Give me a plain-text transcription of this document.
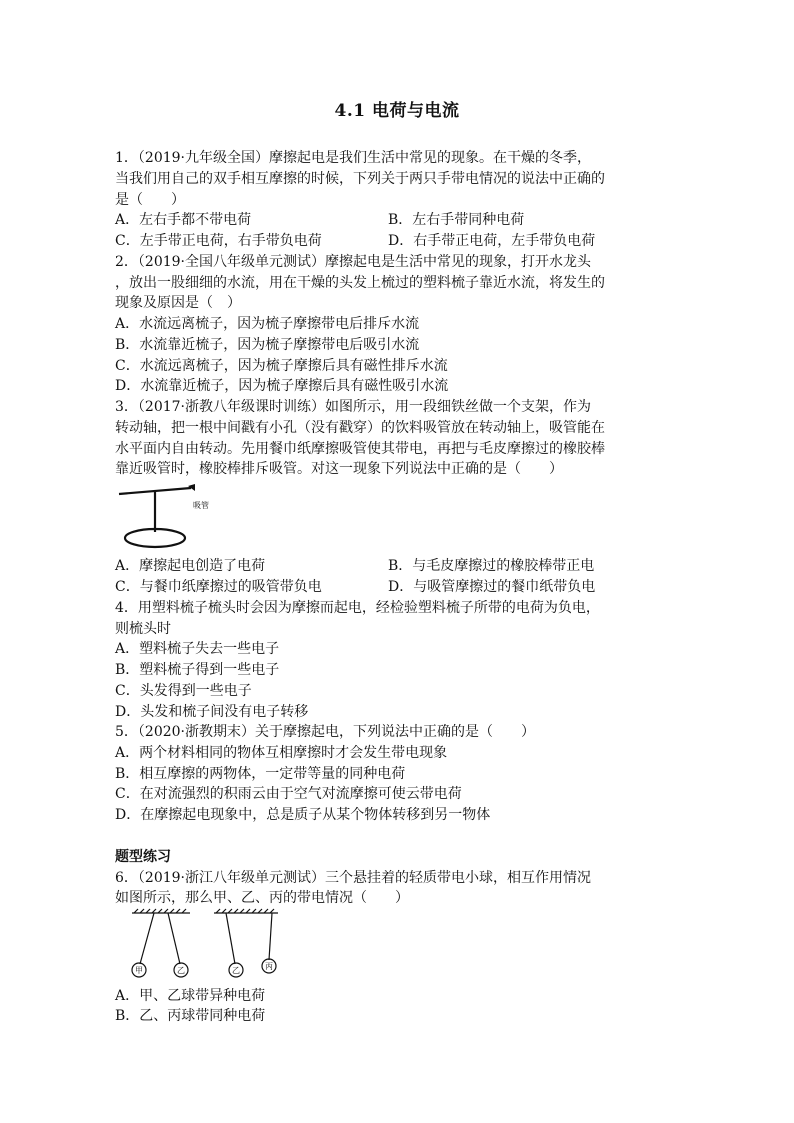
4.1 电荷与电流
1．（2019·九年级全国）摩擦起电是我们生活中常见的现象。在干燥的冬季，
当我们用自己的双手相互摩擦的时候，下列关于两只手带电情况的说法中正确的
是（　　）
A．左右手都不带电荷	B．左右手带同种电荷
C．左手带正电荷，右手带负电荷	D．右手带正电荷，左手带负电荷
2．（2019·全国八年级单元测试）摩擦起电是生活中常见的现象，打开水龙头
，放出一股细细的水流，用在干燥的头发上梳过的塑料梳子靠近水流，将发生的
现象及原因是（　）
A．水流远离梳子，因为梳子摩擦带电后排斥水流
B．水流靠近梳子，因为梳子摩擦带电后吸引水流
C．水流远离梳子，因为梳子摩擦后具有磁性排斥水流
D．水流靠近梳子，因为梳子摩擦后具有磁性吸引水流
3．（2017·浙教八年级课时训练）如图所示，用一段细铁丝做一个支架，作为
转动轴，把一根中间戳有小孔（没有戳穿）的饮料吸管放在转动轴上，吸管能在
水平面内自由转动。先用餐巾纸摩擦吸管使其带电，再把与毛皮摩擦过的橡胶棒
靠近吸管时，橡胶棒排斥吸管。对这一现象下列说法中正确的是（　　）
吸管
A．摩擦起电创造了电荷	B．与毛皮摩擦过的橡胶棒带正电
C．与餐巾纸摩擦过的吸管带负电	D．与吸管摩擦过的餐巾纸带负电
4．用塑料梳子梳头时会因为摩擦而起电，经检验塑料梳子所带的电荷为负电，
则梳头时
A．塑料梳子失去一些电子
B．塑料梳子得到一些电子
C．头发得到一些电子
D．头发和梳子间没有电子转移
5．（2020·浙教期末）关于摩擦起电，下列说法中正确的是（　　）
A．两个材料相同的物体互相摩擦时才会发生带电现象
B．相互摩擦的两物体，一定带等量的同种电荷
C．在对流强烈的积雨云由于空气对流摩擦可使云带电荷
D．在摩擦起电现象中，总是质子从某个物体转移到另一物体
题型练习
6．（2019·浙江八年级单元测试）三个悬挂着的轻质带电小球，相互作用情况
如图所示，那么甲、乙、丙的带电情况（　　）
甲	乙	乙	丙
A．甲、乙球带异种电荷
B．乙、丙球带同种电荷
